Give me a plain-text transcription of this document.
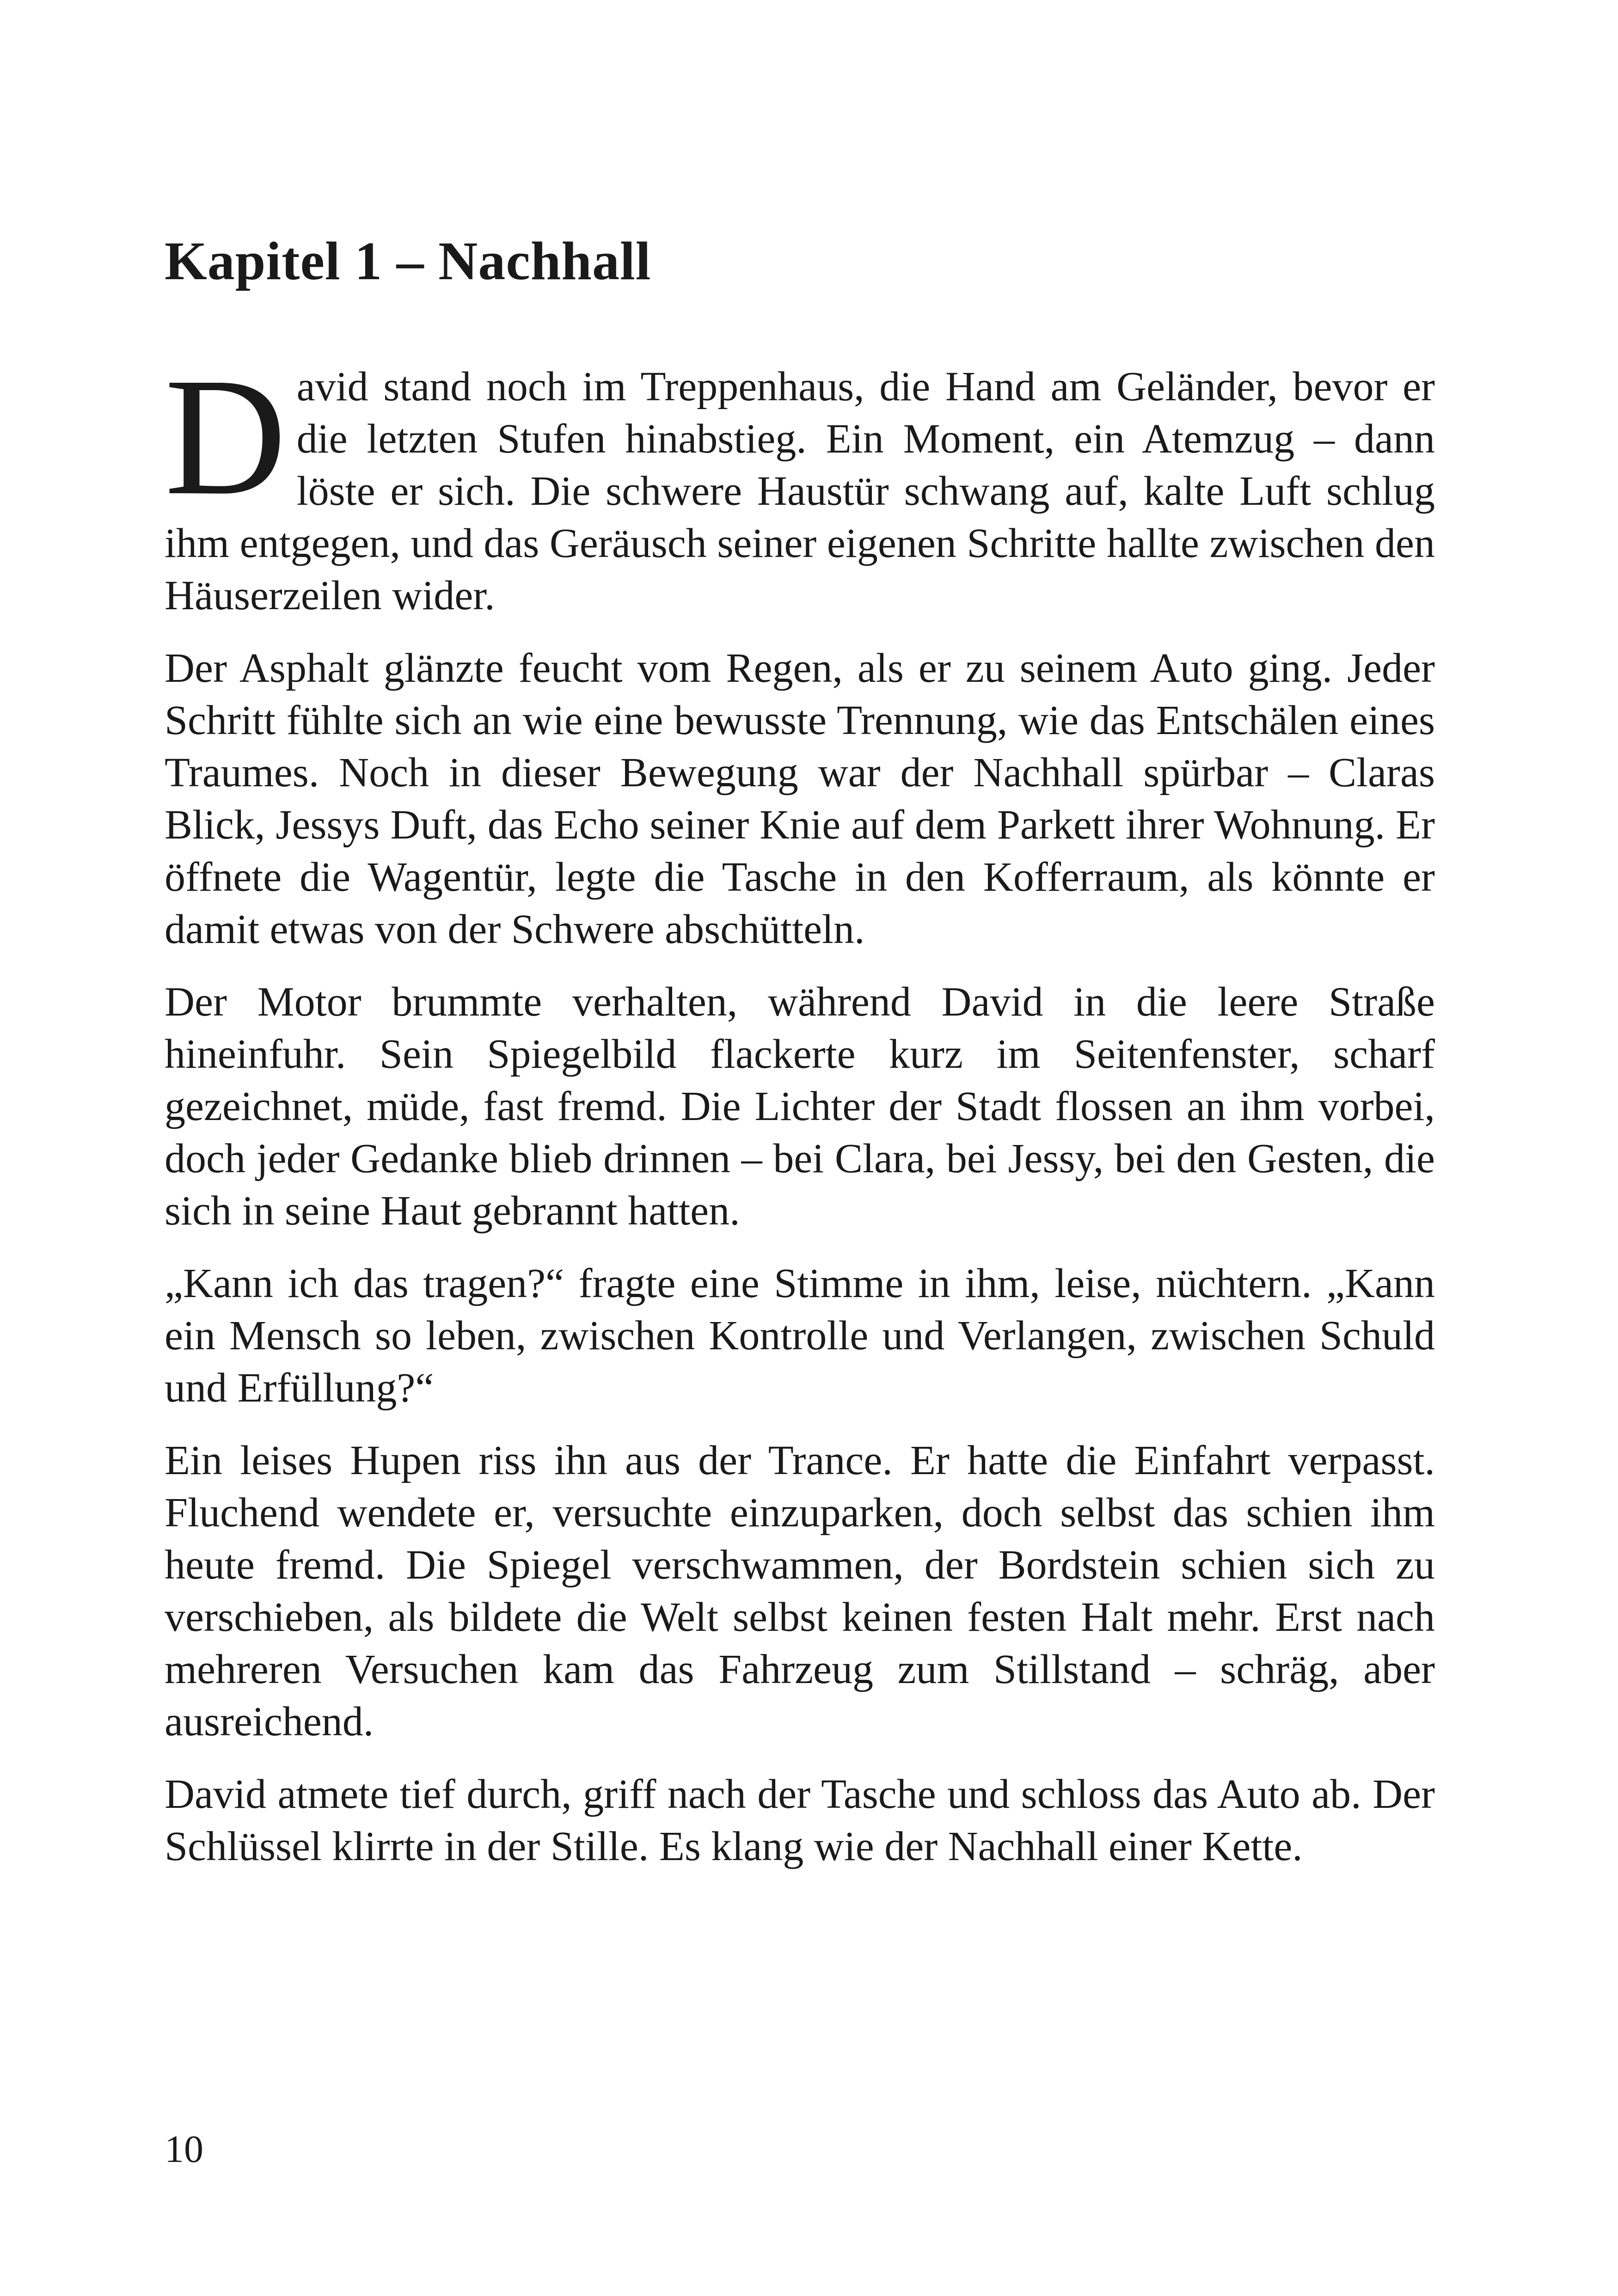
Kapitel 1 – Nachhall

David stand noch im Treppenhaus, die Hand am Geländer, bevor er die letzten Stufen hinabstieg. Ein Moment, ein Atemzug – dann löste er sich. Die schwere Haustür schwang auf, kalte Luft schlug ihm entgegen, und das Geräusch seiner eigenen Schritte hallte zwischen den Häuserzeilen wider.

Der Asphalt glänzte feucht vom Regen, als er zu seinem Auto ging. Jeder Schritt fühlte sich an wie eine bewusste Trennung, wie das Entschälen eines Traumes. Noch in dieser Bewegung war der Nachhall spürbar – Claras Blick, Jessys Duft, das Echo seiner Knie auf dem Parkett ihrer Wohnung. Er öffnete die Wagentür, legte die Tasche in den Kofferraum, als könnte er damit etwas von der Schwere abschütteln.

Der Motor brummte verhalten, während David in die leere Straße hineinfuhr. Sein Spiegelbild flackerte kurz im Seitenfenster, scharf gezeichnet, müde, fast fremd. Die Lichter der Stadt flossen an ihm vorbei, doch jeder Gedanke blieb drinnen – bei Clara, bei Jessy, bei den Gesten, die sich in seine Haut gebrannt hatten.

„Kann ich das tragen?“ fragte eine Stimme in ihm, leise, nüchtern. „Kann ein Mensch so leben, zwischen Kontrolle und Verlangen, zwischen Schuld und Erfüllung?“

Ein leises Hupen riss ihn aus der Trance. Er hatte die Einfahrt verpasst. Fluchend wendete er, versuchte einzuparken, doch selbst das schien ihm heute fremd. Die Spiegel verschwammen, der Bordstein schien sich zu verschieben, als bildete die Welt selbst keinen festen Halt mehr. Erst nach mehreren Versuchen kam das Fahrzeug zum Stillstand – schräg, aber ausreichend.

David atmete tief durch, griff nach der Tasche und schloss das Auto ab. Der Schlüssel klirrte in der Stille. Es klang wie der Nachhall einer Kette.

10
